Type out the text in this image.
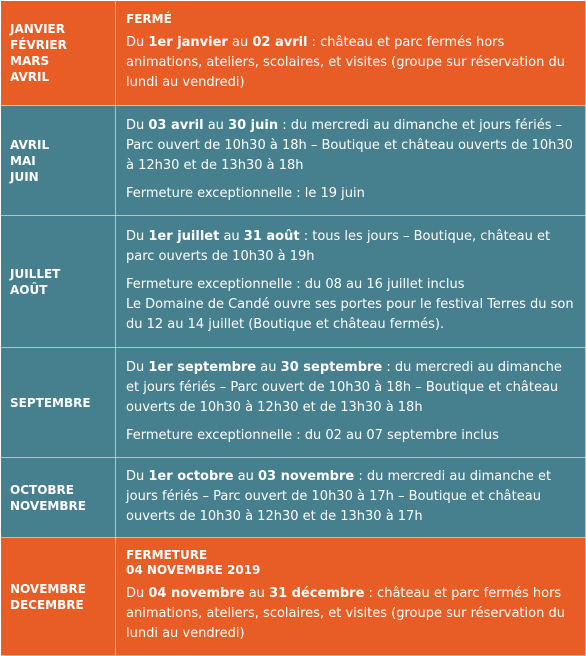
JANVIER
FÉVRIER
MARS
AVRIL	FERMÉ
Du 1er janvier au 02 avril : château et parc fermés hors animations, ateliers, scolaires, et visites (groupe sur réservation du lundi au vendredi)

AVRIL
MAI
JUIN	Du 03 avril au 30 juin : du mercredi au dimanche et jours fériés – Parc ouvert de 10h30 à 18h – Boutique et château ouverts de 10h30 à 12h30 et de 13h30 à 18h
Fermeture exceptionnelle : le 19 juin

JUILLET
AOÛT	Du 1er juillet au 31 août : tous les jours – Boutique, château et parc ouverts de 10h30 à 19h
Fermeture exceptionnelle : du 08 au 16 juillet inclus
Le Domaine de Candé ouvre ses portes pour le festival Terres du son du 12 au 14 juillet (Boutique et château fermés).

SEPTEMBRE	Du 1er septembre au 30 septembre : du mercredi au dimanche et jours fériés – Parc ouvert de 10h30 à 18h – Boutique et château ouverts de 10h30 à 12h30 et de 13h30 à 18h
Fermeture exceptionnelle : du 02 au 07 septembre inclus

OCTOBRE
NOVEMBRE	Du 1er octobre au 03 novembre : du mercredi au dimanche et jours fériés – Parc ouvert de 10h30 à 17h – Boutique et château ouverts de 10h30 à 12h30 et de 13h30 à 17h

NOVEMBRE
DECEMBRE	FERMETURE
04 NOVEMBRE 2019
Du 04 novembre au 31 décembre : château et parc fermés hors animations, ateliers, scolaires, et visites (groupe sur réservation du lundi au vendredi)
